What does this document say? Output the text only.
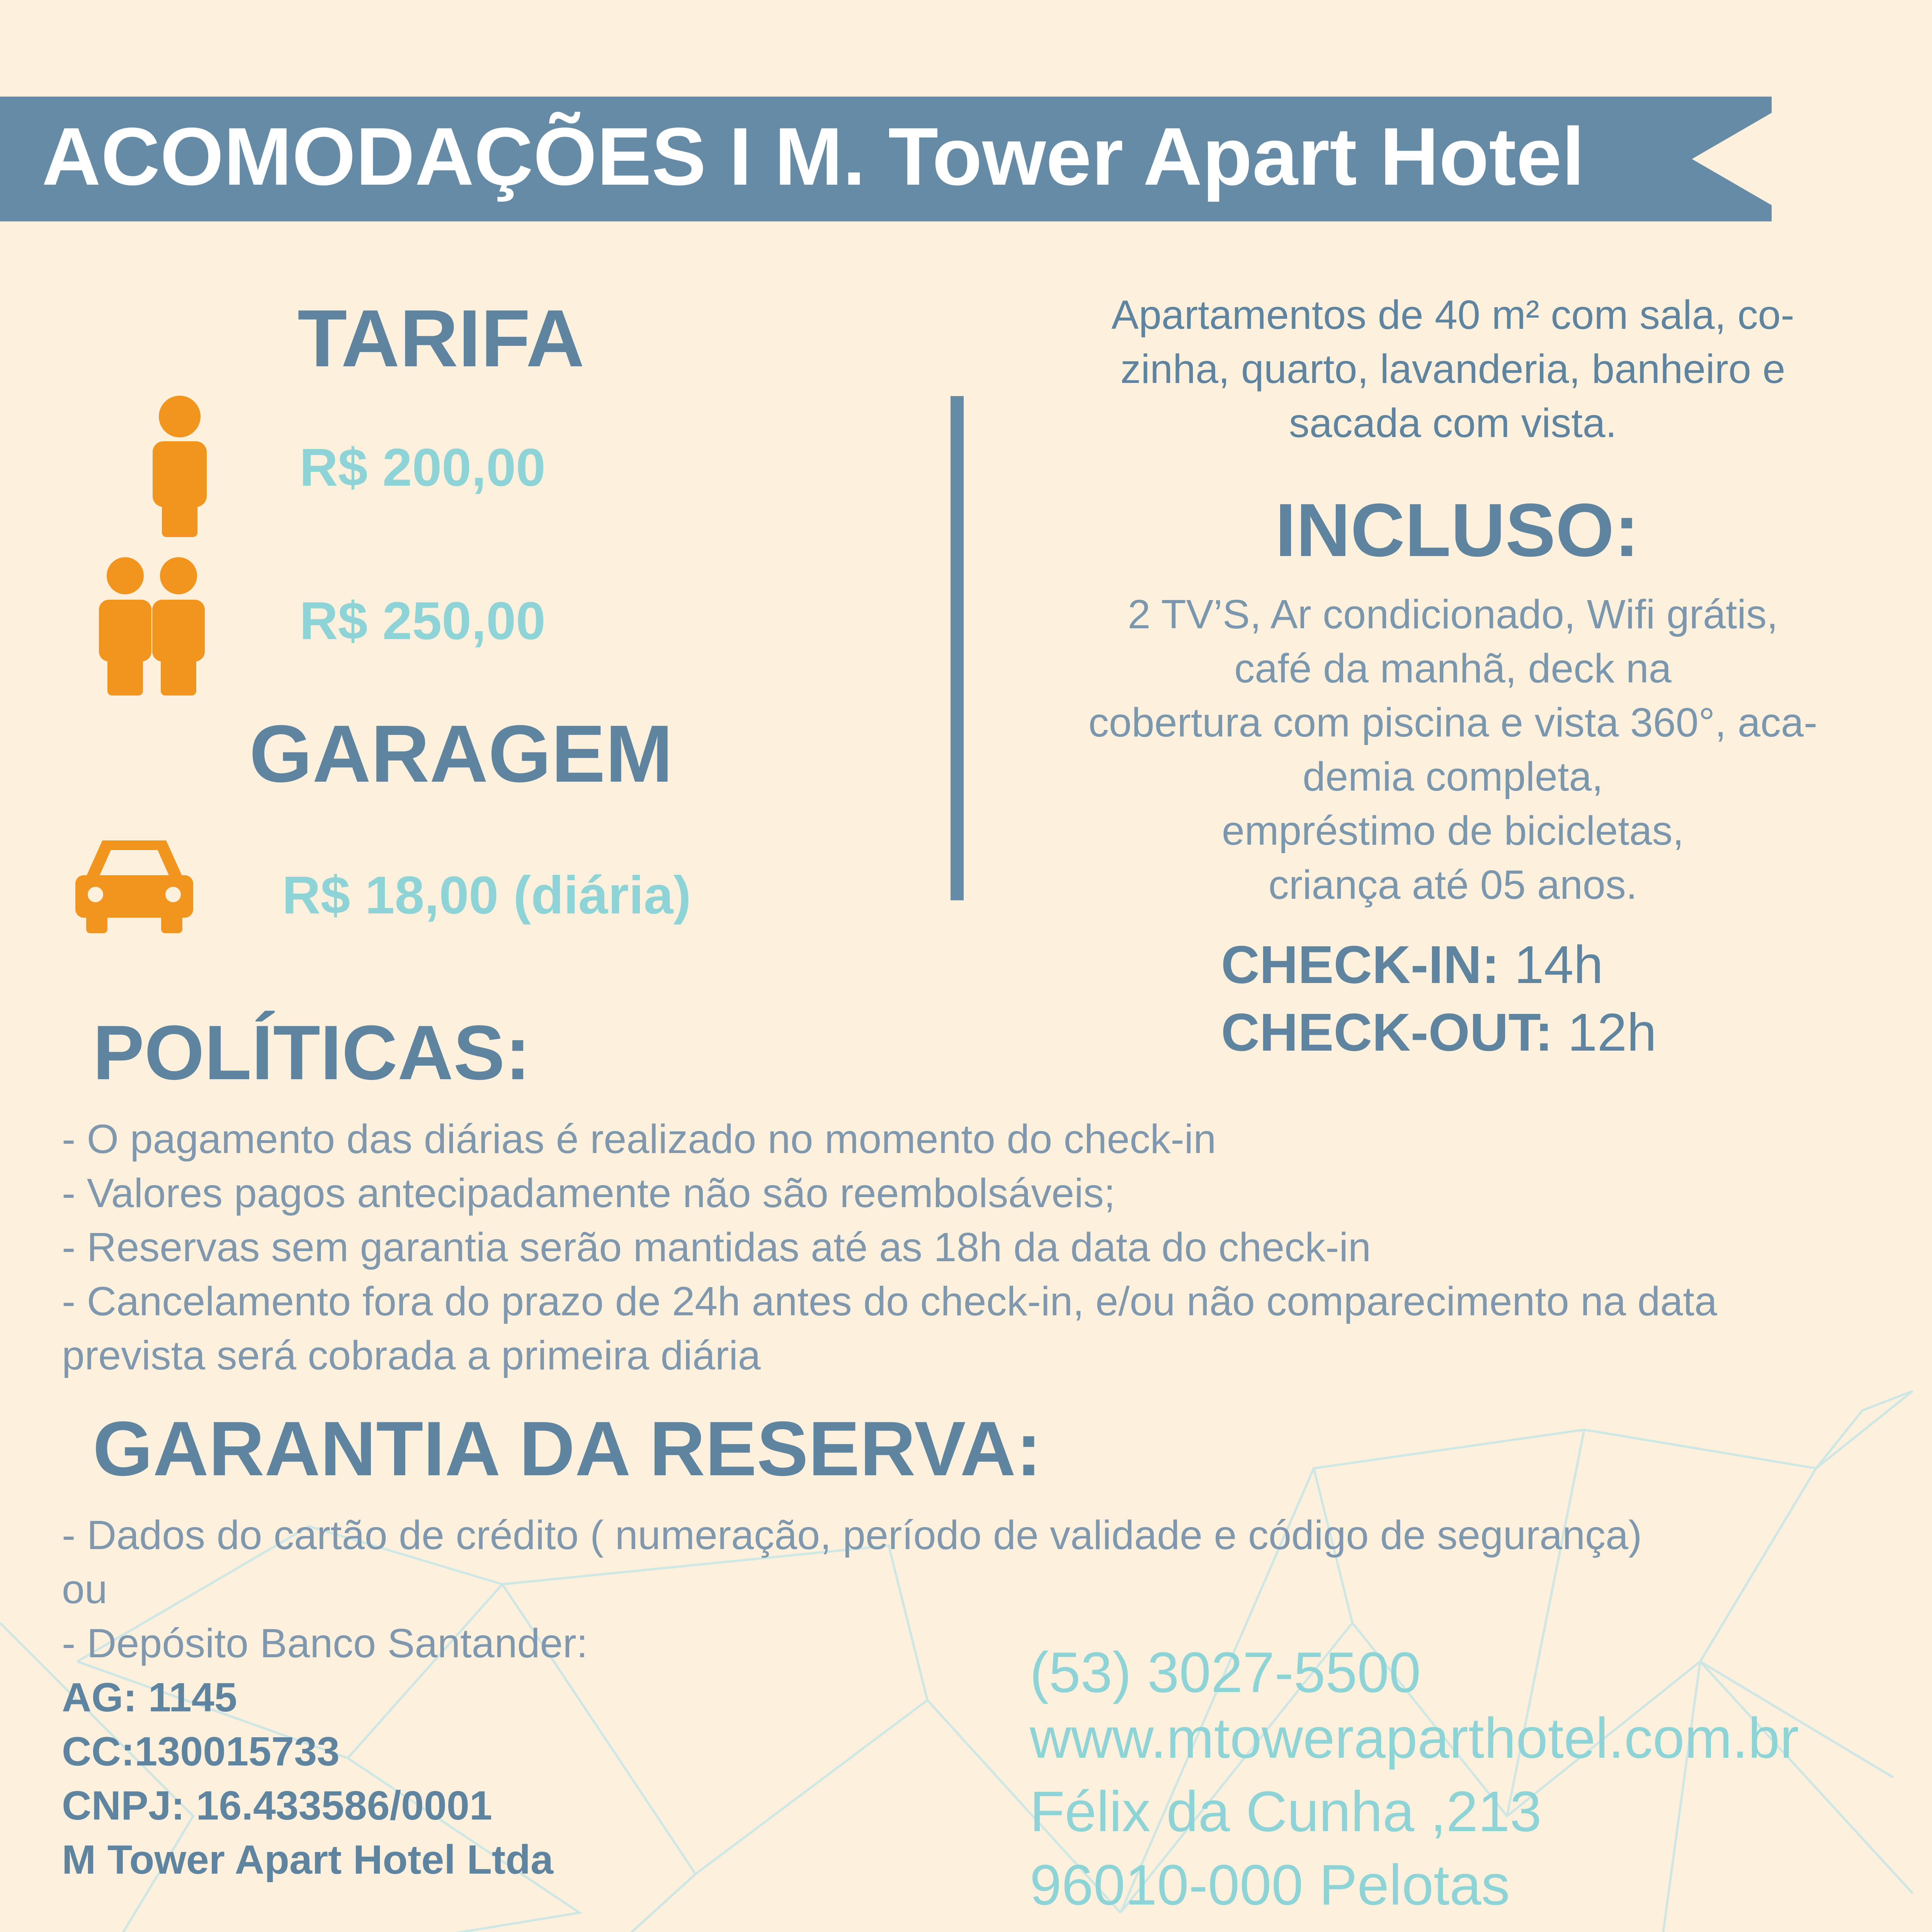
ACOMODAÇÕES I M. Tower Apart Hotel
TARIFA

R$ 200,00

R$ 250,00

GARAGEM

R$ 18,00 (diária)

Apartamentos de 40 m² com sala, co-
zinha, quarto, lavanderia, banheiro e
sacada com vista.
INCLUSO:
2 TV’S, Ar condicionado, Wifi grátis,
café da manhã, deck na
cobertura com piscina e vista 360°, aca-
demia completa,
empréstimo de bicicletas,
criança até 05 anos.

CHECK-IN: 14h

CHECK-OUT: 12h

POLÍTICAS:

- O pagamento das diárias é realizado no momento do check-in

- Valores pagos antecipadamente não são reembolsáveis;

- Reservas sem garantia serão mantidas até as 18h da data do check-in

- Cancelamento fora do prazo de 24h antes do check-in, e/ou não comparecimento na data

prevista será cobrada a primeira diária

GARANTIA DA RESERVA:

- Dados do cartão de crédito ( numeração, período de validade e código de segurança)

ou

- Depósito Banco Santander:

AG: 1145

CC:130015733

CNPJ: 16.433586/0001

M Tower Apart Hotel Ltda

(53) 3027-5500

www.mtoweraparthotel.com.br

Félix da Cunha ,213

96010-000 Pelotas
